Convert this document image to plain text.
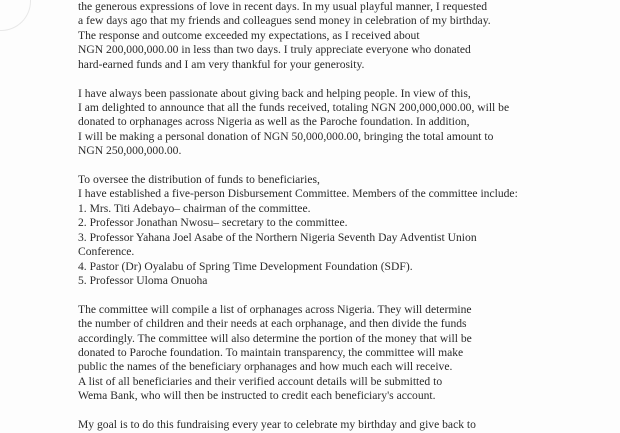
the generous expressions of love in recent days. In my usual playful manner, I requested
a few days ago that my friends and colleagues send money in celebration of my birthday.
The response and outcome exceeded my expectations, as I received about
NGN 200,000,000.00 in less than two days. I truly appreciate everyone who donated
hard-earned funds and I am very thankful for your generosity.
I have always been passionate about giving back and helping people. In view of this,
I am delighted to announce that all the funds received, totaling NGN 200,000,000.00, will be
donated to orphanages across Nigeria as well as the Paroche foundation. In addition,
I will be making a personal donation of NGN 50,000,000.00, bringing the total amount to
NGN 250,000,000.00.
To oversee the distribution of funds to beneficiaries,
I have established a five-person Disbursement Committee. Members of the committee include:
1. Mrs. Titi Adebayo– chairman of the committee.
2. Professor Jonathan Nwosu– secretary to the committee.
3. Professor Yahana Joel Asabe of the Northern Nigeria Seventh Day Adventist Union
Conference.
4. Pastor (Dr) Oyalabu of Spring Time Development Foundation (SDF).
5. Professor Uloma Onuoha
The committee will compile a list of orphanages across Nigeria. They will determine
the number of children and their needs at each orphanage, and then divide the funds
accordingly. The committee will also determine the portion of the money that will be
donated to Paroche foundation. To maintain transparency, the committee will make
public the names of the beneficiary orphanages and how much each will receive.
A list of all beneficiaries and their verified account details will be submitted to
Wema Bank, who will then be instructed to credit each beneficiary's account.
My goal is to do this fundraising every year to celebrate my birthday and give back to
